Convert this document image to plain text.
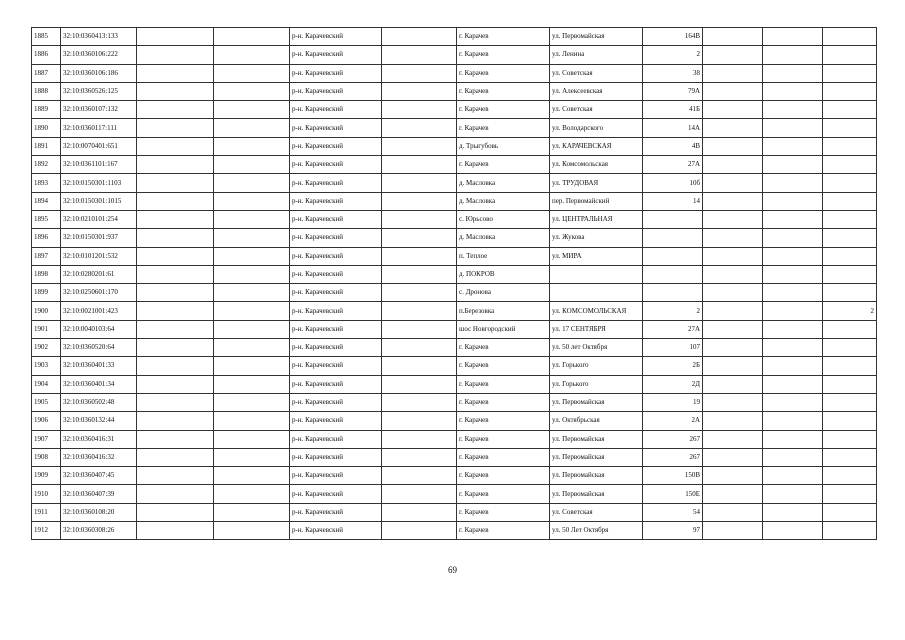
1885	32:10:0360413:133			р-н. Карачевский		г. Карачев	ул. Первомайская	164В			
1886	32:10:0360106:222			р-н. Карачевский		г. Карачев	ул. Ленина	2			
1887	32:10:0360106:186			р-н. Карачевский		г. Карачев	ул. Советская	38			
1888	32:10:0360526:125			р-н. Карачевский		г. Карачев	ул. Алексеевская	79А			
1889	32:10:0360107:132			р-н. Карачевский		г. Карачев	ул. Советская	41Б			
1890	32:10:0360117:111			р-н. Карачевский		г. Карачев	ул. Володарского	14А			
1891	32:10:0070401:651			р-н. Карачевский		д. Трыгубовь	ул. КАРАЧЕВСКАЯ	4В			
1892	32:10:0361101:167			р-н. Карачевский		г. Карачев	ул. Комсомольская	27А			
1893	32:10:0150301:1103			р-н. Карачевский		д. Масловка	ул. ТРУДОВАЯ	10б			
1894	32:10:0150301:1015			р-н. Карачевский		д. Масловка	пер. Первомайский	14			
1895	32:10:0210101:254			р-н. Карачевский		с. Юрьсово	ул. ЦЕНТРАЛЬНАЯ				
1896	32:10:0150301:937			р-н. Карачевский		д. Масловка	ул. Жукова				
1897	32:10:0101201:532			р-н. Карачевский		п. Теплое	ул. МИРА				
1898	32:10:0280201:61			р-н. Карачевский		д. ПОКРОВ					
1899	32:10:0250601:170			р-н. Карачевский		с. Дронова					
1900	32:10:0021001:423			р-н. Карачевский		п.Березовка	ул. КОМСОМОЛЬСКАЯ	2			2
1901	32:10:0040103:64			р-н. Карачевский		шос Новгородский	ул. 17 СЕНТЯБРЯ	27А			
1902	32:10:0360520:64			р-н. Карачевский		г. Карачев	ул. 50 лет Октября	107			
1903	32:10:0360401:33			р-н. Карачевский		г. Карачев	ул. Горького	2Б			
1904	32:10:0360401:34			р-н. Карачевский		г. Карачев	ул. Горького	2Д			
1905	32:10:0360502:48			р-н. Карачевский		г. Карачев	ул. Первомайская	19			
1906	32:10:0360132:44			р-н. Карачевский		г. Карачев	ул. Октябрьская	2А			
1907	32:10:0360416:31			р-н. Карачевский		г. Карачев	ул. Первомайская	267			
1908	32:10:0360416:32			р-н. Карачевский		г. Карачев	ул. Первомайская	267			
1909	32:10:0360407:45			р-н. Карачевский		г. Карачев	ул. Первомайская	150В			
1910	32:10:0360407:39			р-н. Карачевский		г. Карачев	ул. Первомайская	150Е			
1911	32:10:0360108:20			р-н. Карачевский		г. Карачев	ул. Советская	54			
1912	32:10:0360308:26			р-н. Карачевский		г. Карачев	ул. 50 Лет Октября	97			
69
